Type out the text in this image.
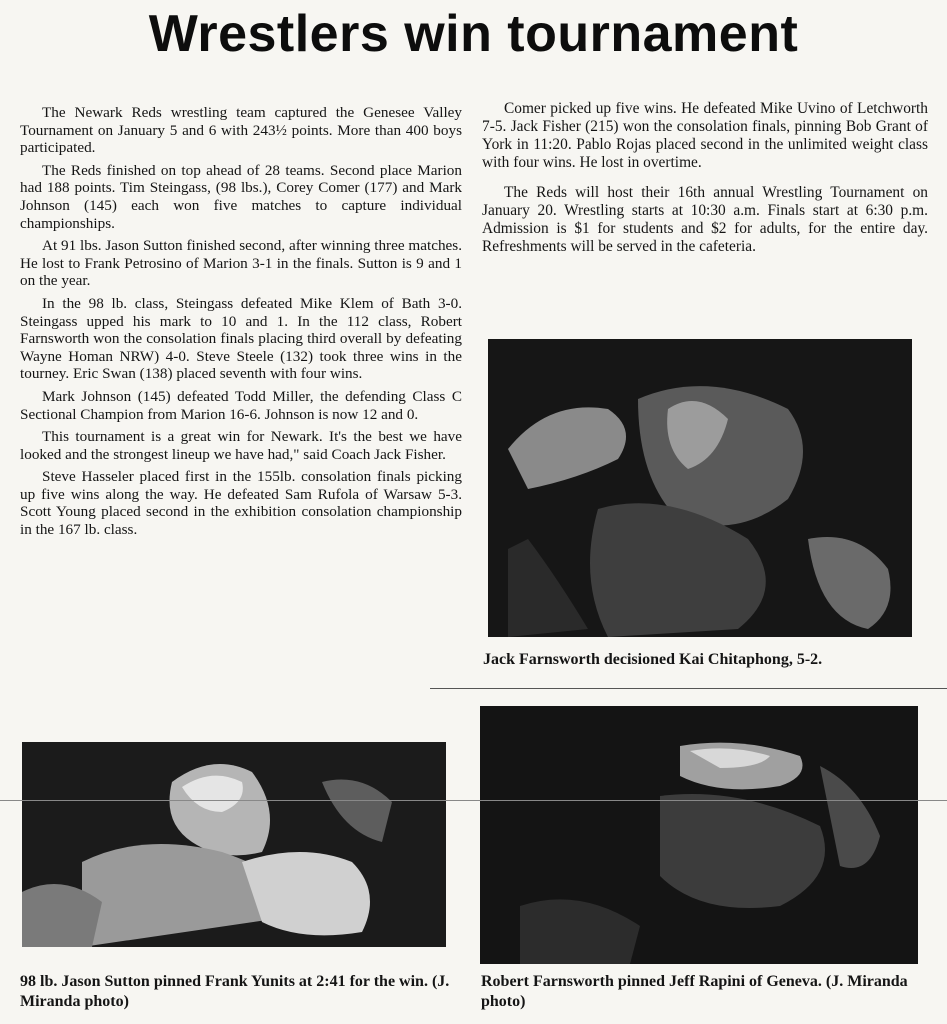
Wrestlers win tournament

The Newark Reds wrestling team captured the Genesee Valley Tournament on January 5 and 6 with 243½ points. More than 400 boys participated.

The Reds finished on top ahead of 28 teams. Second place Marion had 188 points. Tim Steingass, (98 lbs.), Corey Comer (177) and Mark Johnson (145) each won five matches to capture individual championships.

At 91 lbs. Jason Sutton finished second, after winning three matches. He lost to Frank Petrosino of Marion 3-1 in the finals. Sutton is 9 and 1 on the year.

In the 98 lb. class, Steingass defeated Mike Klem of Bath 3-0. Steingass upped his mark to 10 and 1. In the 112 class, Robert Farnsworth won the consolation finals placing third overall by defeating Wayne Homan NRW) 4-0. Steve Steele (132) took three wins in the tourney. Eric Swan (138) placed seventh with four wins.

Mark Johnson (145) defeated Todd Miller, the defending Class C Sectional Champion from Marion 16-6. Johnson is now 12 and 0.

This tournament is a great win for Newark. It's the best we have looked and the strongest lineup we have had," said Coach Jack Fisher.

Steve Hasseler placed first in the 155lb. consolation finals picking up five wins along the way. He defeated Sam Rufola of Warsaw 5-3. Scott Young placed second in the exhibition consolation championship in the 167 lb. class.

Comer picked up five wins. He defeated Mike Uvino of Letchworth 7-5. Jack Fisher (215) won the consolation finals, pinning Bob Grant of York in 11:20. Pablo Rojas placed second in the unlimited weight class with four wins. He lost in overtime.

The Reds will host their 16th annual Wrestling Tournament on January 20. Wrestling starts at 10:30 a.m. Finals start at 6:30 p.m. Admission is $1 for students and $2 for adults, for the entire day. Refreshments will be served in the cafeteria.

Jack Farnsworth decisioned Kai Chitaphong, 5-2.
98 lb. Jason Sutton pinned Frank Yunits at 2:41 for the win. (J. Miranda photo)
Robert Farnsworth pinned Jeff Rapini of Geneva. (J. Miranda photo)
